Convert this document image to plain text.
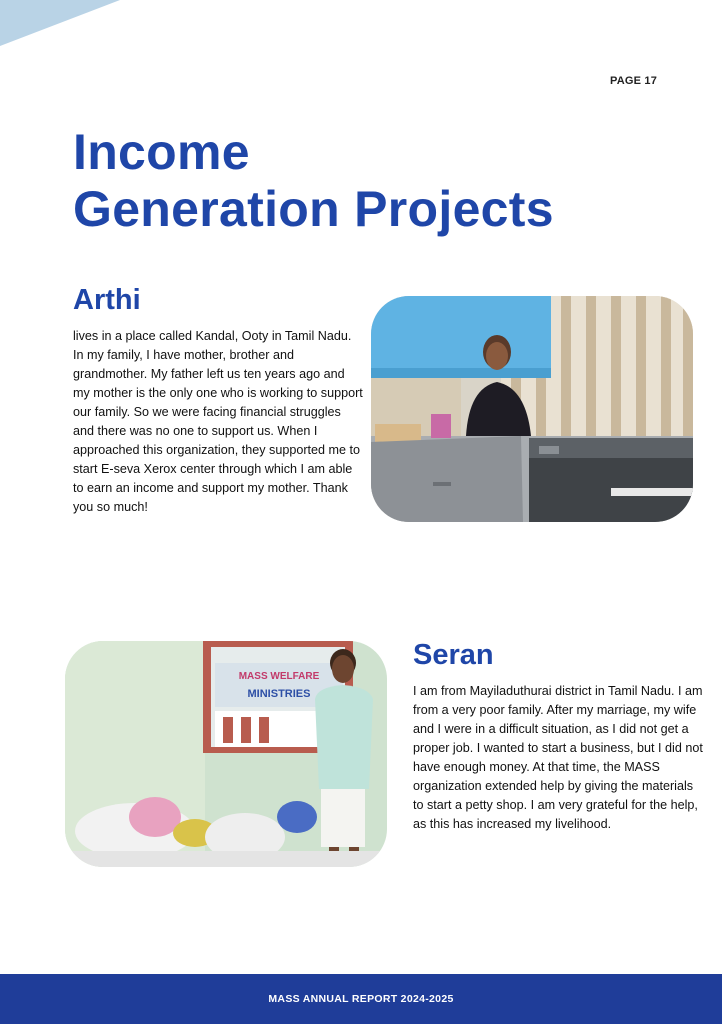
PAGE 17
Income
Generation Projects
Arthi

lives in a place called Kandal, Ooty in Tamil Nadu. In my family, I have mother, brother and grandmother. My father left us ten years ago and my mother is the only one who is working to support our family. So we were facing financial struggles and there was no one to support us. When I approached this organization, they supported me to start E-seva Xerox center through which I am able to earn an income and support my mother. Thank you so much!

MASS WELFARE
MINISTRIES
Seran

I am from Mayiladuthurai district in Tamil Nadu. I am from a very poor family. After my marriage, my wife and I were in a difficult situation, as I did not get a proper job. I wanted to start a business, but I did not have enough money. At that time, the MASS organization extended help by giving the materials to start a petty shop. I am very grateful for the help, as this has increased my livelihood.

MASS ANNUAL REPORT 2024-2025
